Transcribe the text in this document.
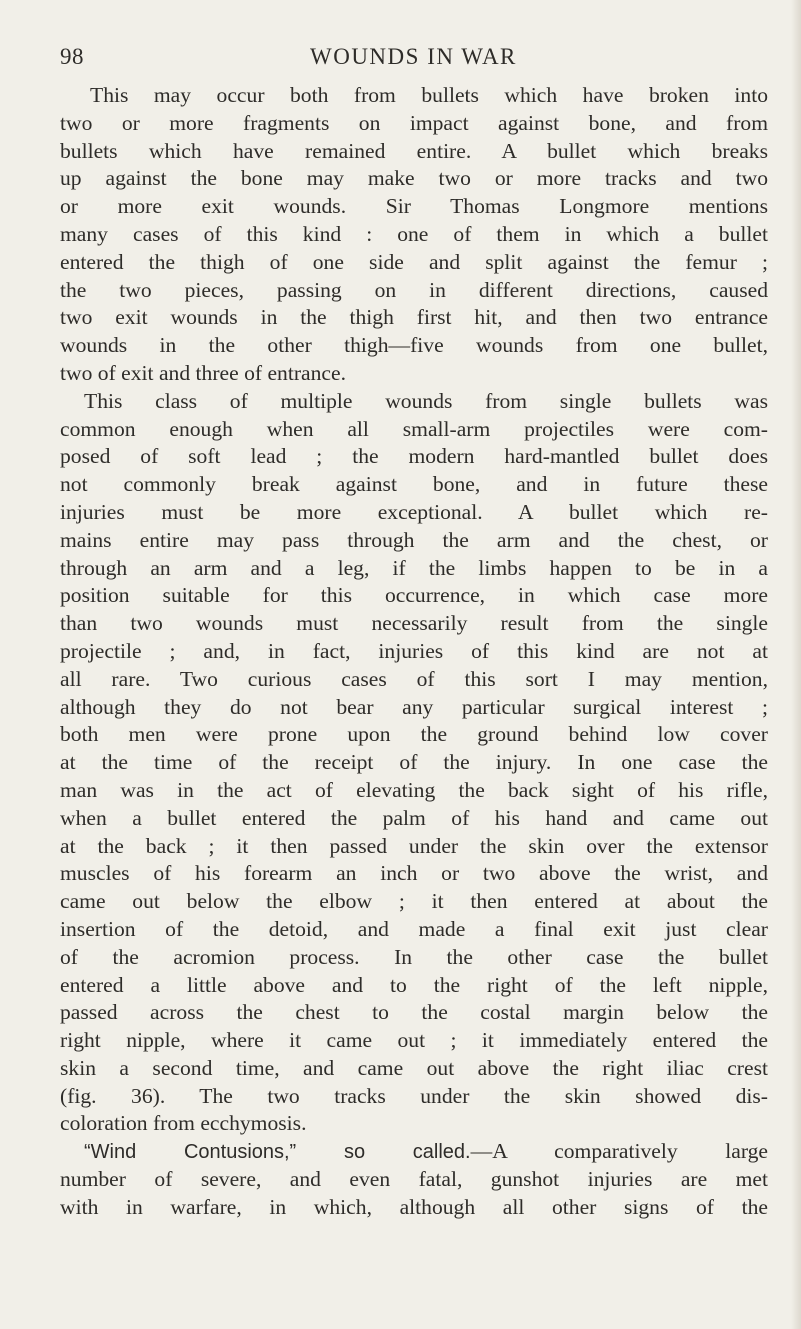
98	WOUNDS IN WAR
This may occur both from bullets which have broken into
two or more fragments on impact against bone, and from
bullets which have remained entire. A bullet which breaks
up against the bone may make two or more tracks and two
or more exit wounds. Sir Thomas Longmore mentions
many cases of this kind : one of them in which a bullet
entered the thigh of one side and split against the femur ;
the two pieces, passing on in different directions, caused
two exit wounds in the thigh first hit, and then two entrance
wounds in the other thigh—five wounds from one bullet,
two of exit and three of entrance.
This class of multiple wounds from single bullets was
common enough when all small-arm projectiles were com-
posed of soft lead ; the modern hard-mantled bullet does
not commonly break against bone, and in future these
injuries must be more exceptional. A bullet which re-
mains entire may pass through the arm and the chest, or
through an arm and a leg, if the limbs happen to be in a
position suitable for this occurrence, in which case more
than two wounds must necessarily result from the single
projectile ; and, in fact, injuries of this kind are not at
all rare. Two curious cases of this sort I may mention,
although they do not bear any particular surgical interest ;
both men were prone upon the ground behind low cover
at the time of the receipt of the injury. In one case the
man was in the act of elevating the back sight of his rifle,
when a bullet entered the palm of his hand and came out
at the back ; it then passed under the skin over the extensor
muscles of his forearm an inch or two above the wrist, and
came out below the elbow ; it then entered at about the
insertion of the detoid, and made a final exit just clear
of the acromion process. In the other case the bullet
entered a little above and to the right of the left nipple,
passed across the chest to the costal margin below the
right nipple, where it came out ; it immediately entered the
skin a second time, and came out above the right iliac crest
(fig. 36). The two tracks under the skin showed dis-
coloration from ecchymosis.
“Wind Contusions,” so called.—A comparatively large
number of severe, and even fatal, gunshot injuries are met
with in warfare, in which, although all other signs of the
